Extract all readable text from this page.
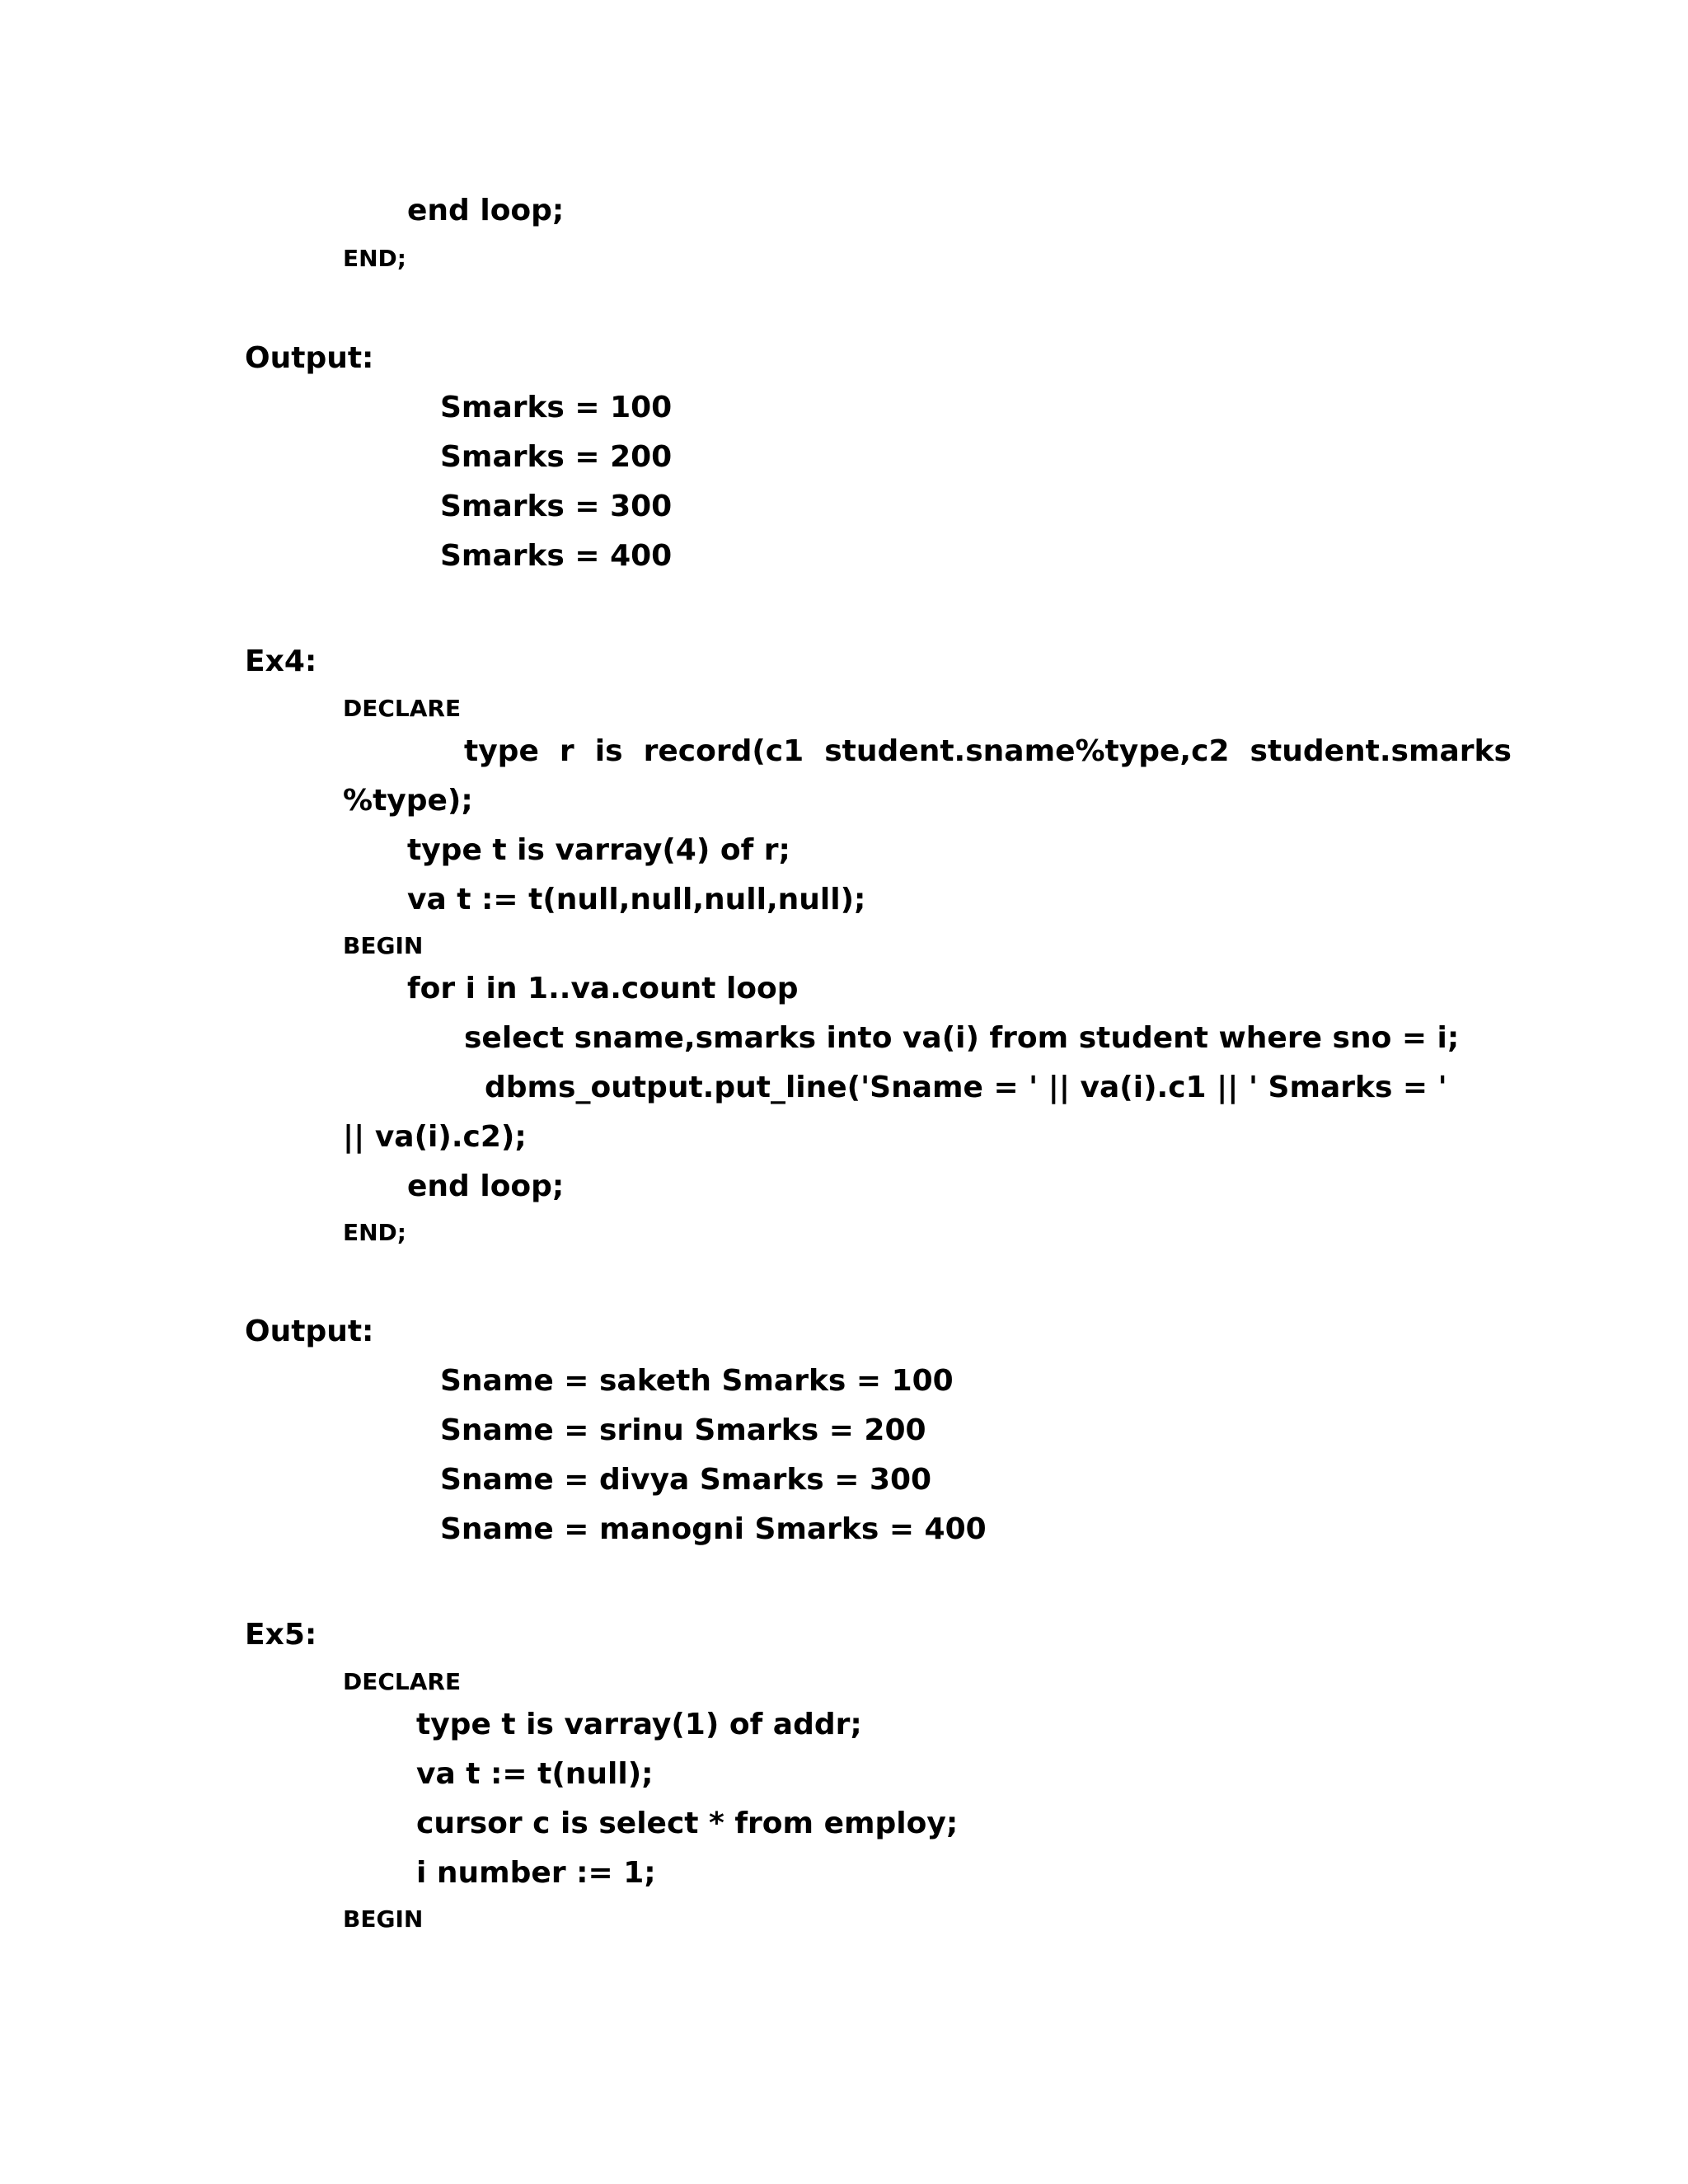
end loop;

END;

Output:

Smarks = 100

Smarks = 200

Smarks = 300

Smarks = 400

Ex4:

DECLARE

type  r  is  record(c1  student.sname%type,c2  student.smarks

%type);

type t is varray(4) of r;

va t := t(null,null,null,null);

BEGIN

for i in 1..va.count loop

select sname,smarks into va(i) from student where sno = i;

dbms_output.put_line('Sname = ' || va(i).c1 || ' Smarks = '

|| va(i).c2);

end loop;

END;

Output:

Sname = saketh Smarks = 100

Sname = srinu Smarks = 200

Sname = divya Smarks = 300

Sname = manogni Smarks = 400

Ex5:

DECLARE

type t is varray(1) of addr;

va t := t(null);

cursor c is select * from employ;

i number := 1;

BEGIN
